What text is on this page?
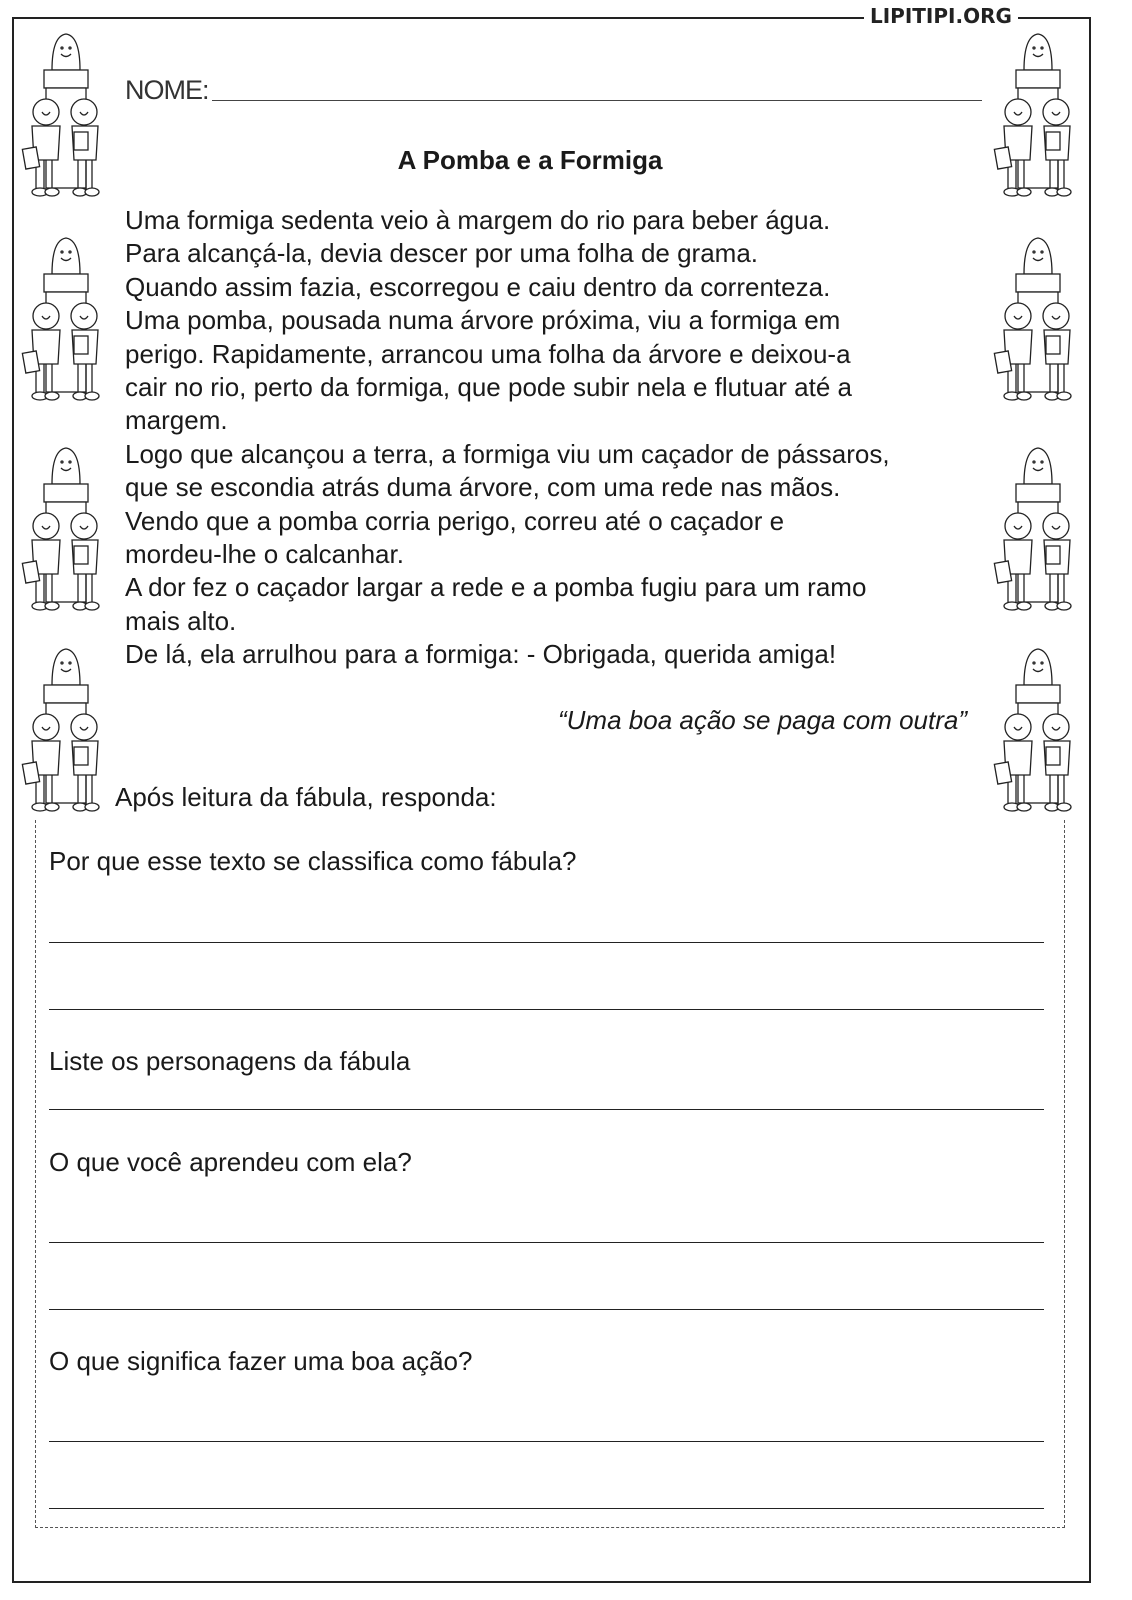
LIPITIPI.ORG
NOME:
A Pomba e a Formiga
Uma formiga sedenta veio à margem do rio para beber água.
Para alcançá-la, devia descer por uma folha de grama.
Quando assim fazia, escorregou e caiu dentro da correnteza.
Uma pomba, pousada numa árvore próxima, viu a formiga em
perigo. Rapidamente, arrancou uma folha da árvore e deixou-a
cair no rio, perto da formiga, que pode subir nela e flutuar até a
margem.
Logo que alcançou a terra, a formiga viu um caçador de pássaros,
que se escondia atrás duma árvore, com uma rede nas mãos.
Vendo que a pomba corria perigo, correu até o caçador e
mordeu-lhe o calcanhar.
A dor fez o caçador largar a rede e a pomba fugiu para um ramo
mais alto.
De lá, ela arrulhou para a formiga: - Obrigada, querida amiga!
“Uma boa ação se paga com outra”
Após leitura da fábula, responda:
Por que esse texto se classifica como fábula?
Liste os personagens da fábula
O que você aprendeu com ela?
O que significa fazer uma boa ação?
